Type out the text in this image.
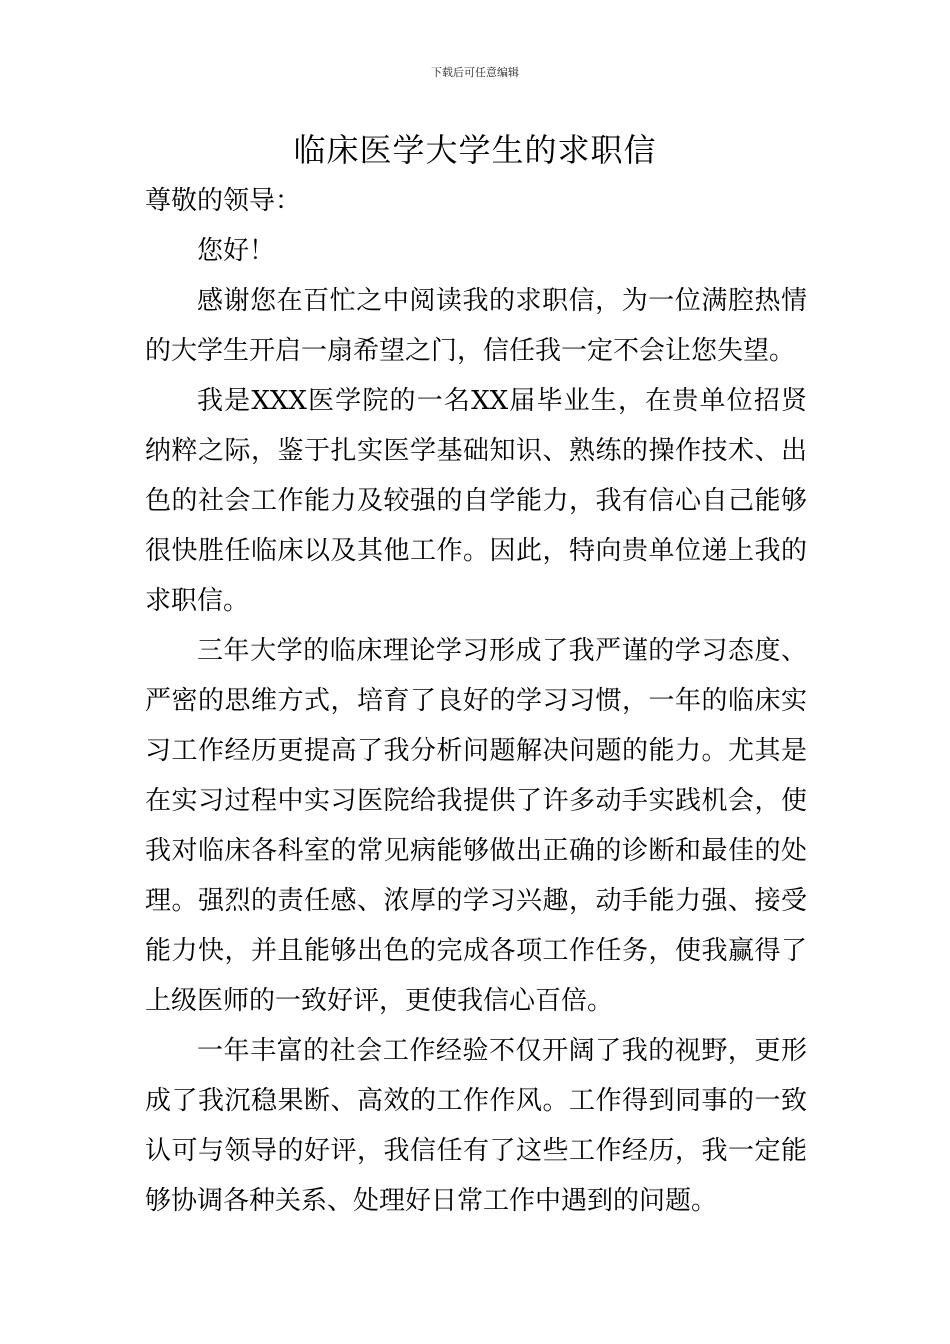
下载后可任意编辑
临床医学大学生的求职信

尊敬的领导：

您好！

感谢您在百忙之中阅读我的求职信，为一位满腔热情的大学生开启一扇希望之门，信任我一定不会让您失望。

我是XXX医学院的一名XX届毕业生，在贵单位招贤纳粹之际，鉴于扎实医学基础知识、熟练的操作技术、出色的社会工作能力及较强的自学能力，我有信心自己能够很快胜任临床以及其他工作。因此，特向贵单位递上我的求职信。

三年大学的临床理论学习形成了我严谨的学习态度、严密的思维方式，培育了良好的学习习惯，一年的临床实习工作经历更提高了我分析问题解决问题的能力。尤其是在实习过程中实习医院给我提供了许多动手实践机会，使我对临床各科室的常见病能够做出正确的诊断和最佳的处理。强烈的责任感、浓厚的学习兴趣，动手能力强、接受能力快，并且能够出色的完成各项工作任务，使我赢得了上级医师的一致好评，更使我信心百倍。

一年丰富的社会工作经验不仅开阔了我的视野，更形成了我沉稳果断、高效的工作作风。工作得到同事的一致认可与领导的好评，我信任有了这些工作经历，我一定能够协调各种关系、处理好日常工作中遇到的问题。
